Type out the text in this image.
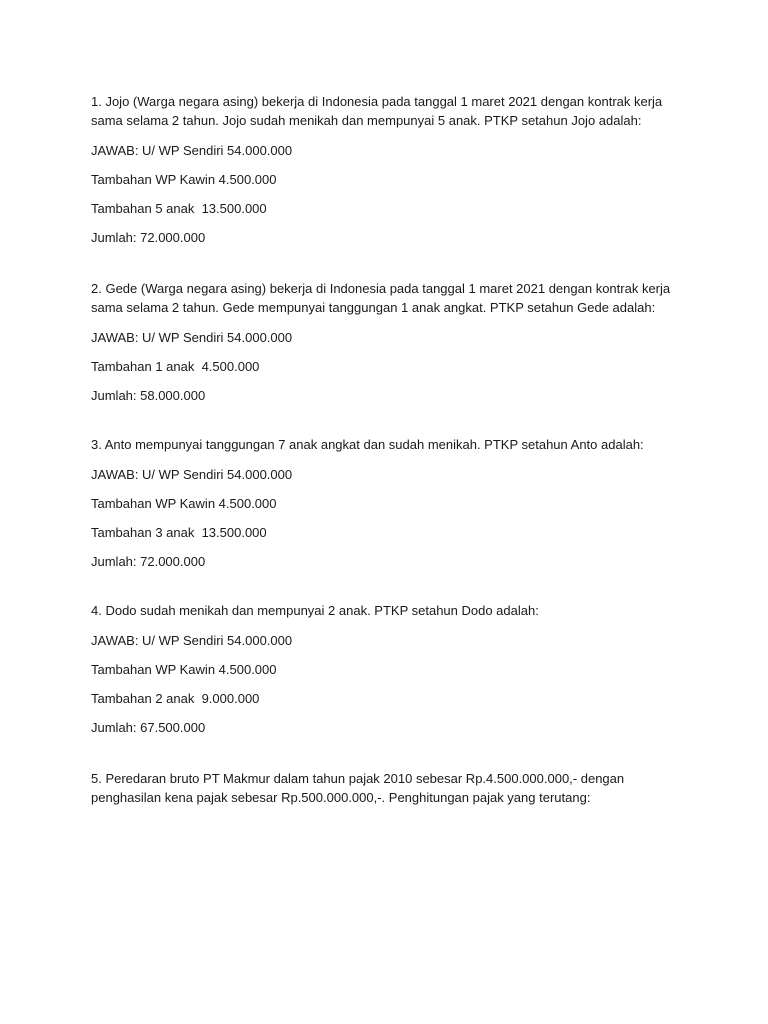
1. Jojo (Warga negara asing) bekerja di Indonesia pada tanggal 1 maret 2021 dengan kontrak kerja sama selama 2 tahun. Jojo sudah menikah dan mempunyai 5 anak. PTKP setahun Jojo adalah:

JAWAB: U/ WP Sendiri 54.000.000

Tambahan WP Kawin 4.500.000

Tambahan 5 anak  13.500.000

Jumlah: 72.000.000

2. Gede (Warga negara asing) bekerja di Indonesia pada tanggal 1 maret 2021 dengan kontrak kerja sama selama 2 tahun. Gede mempunyai tanggungan 1 anak angkat. PTKP setahun Gede adalah:

JAWAB: U/ WP Sendiri 54.000.000

Tambahan 1 anak  4.500.000

Jumlah: 58.000.000

3. Anto mempunyai tanggungan 7 anak angkat dan sudah menikah. PTKP setahun Anto adalah:

JAWAB: U/ WP Sendiri 54.000.000

Tambahan WP Kawin 4.500.000

Tambahan 3 anak  13.500.000

Jumlah: 72.000.000

4. Dodo sudah menikah dan mempunyai 2 anak. PTKP setahun Dodo adalah:

JAWAB: U/ WP Sendiri 54.000.000

Tambahan WP Kawin 4.500.000

Tambahan 2 anak  9.000.000

Jumlah: 67.500.000

5. Peredaran bruto PT Makmur dalam tahun pajak 2010 sebesar Rp.4.500.000.000,- dengan penghasilan kena pajak sebesar Rp.500.000.000,-. Penghitungan pajak yang terutang:
